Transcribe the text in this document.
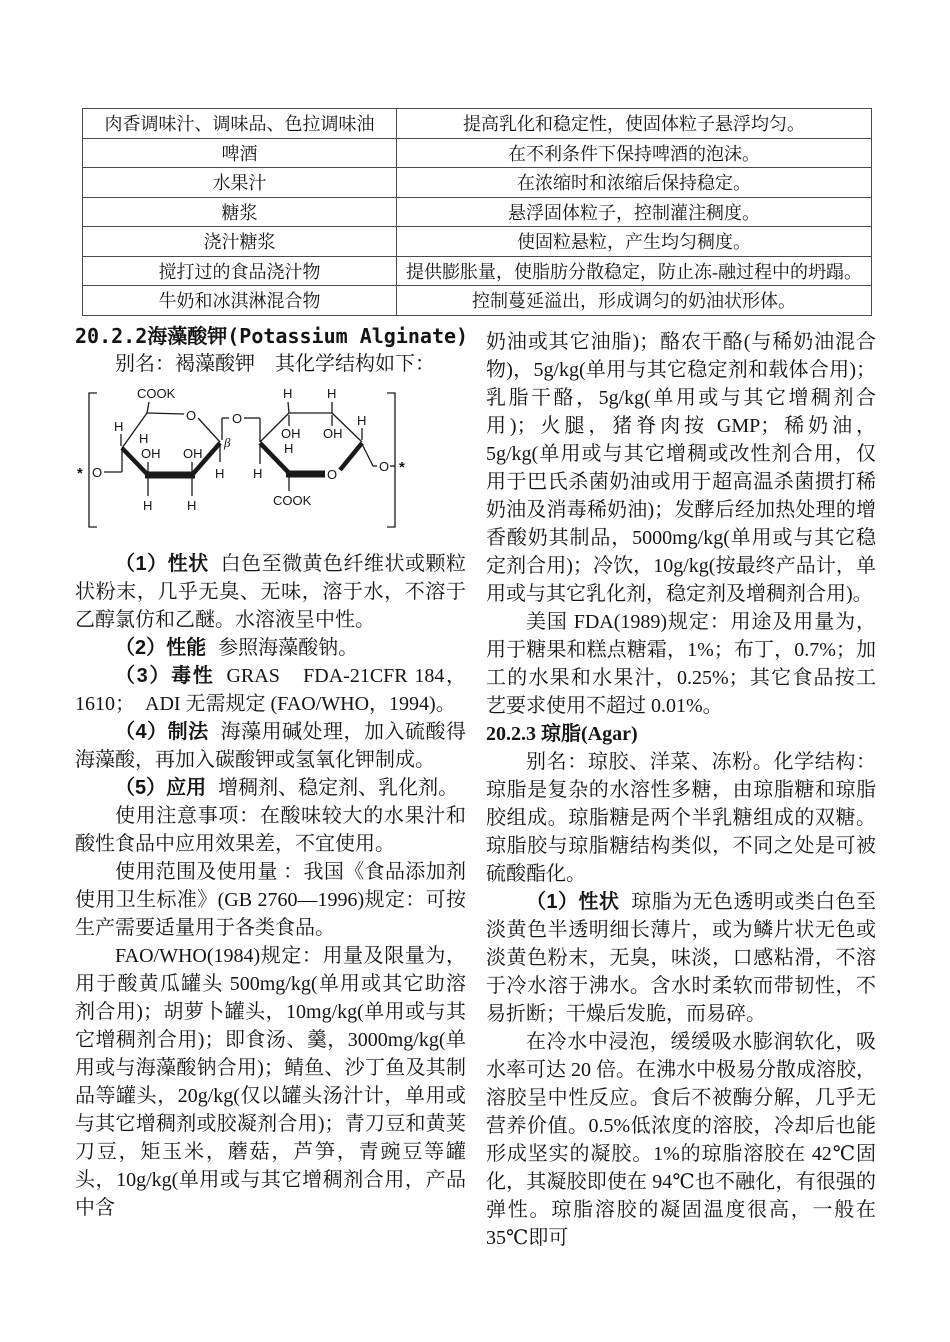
肉香调味汁、调味品、色拉调味油	提高乳化和稳定性，使固体粒子悬浮均匀。
啤酒	在不利条件下保持啤酒的泡沫。
水果汁	在浓缩时和浓缩后保持稳定。
糖浆	悬浮固体粒子，控制灌注稠度。
浇汁糖浆	使固粒悬粒，产生均匀稠度。
搅打过的食品浇汁物	提供膨胀量，使脂肪分散稳定，防止冻-融过程中的坍蹋。
牛奶和冰淇淋混合物	控制蔓延溢出，形成调匀的奶油状形体。
20.2.2海藻酸钾(Potassium Alginate)

别名：褐藻酸钾　其化学结构如下：

* O
O
COOK
H
H
OH OH
β
H
H	H
O
O
H	H
H
OH
H
OH
H
COOK
O *

（1）性状 白色至微黄色纤维状或颗粒状粉末，几乎无臭、无味，溶于水，不溶于乙醇氯仿和乙醚。水溶液呈中性。

（2）性能 参照海藻酸钠。

（3）毒性 GRAS　FDA-21CFR 184，1610；　ADI 无需规定 (FAO/WHO，1994)。

（4）制法 海藻用碱处理，加入硫酸得海藻酸，再加入碳酸钾或氢氧化钾制成。

（5）应用 增稠剂、稳定剂、乳化剂。

使用注意事项：在酸味较大的水果汁和酸性食品中应用效果差，不宜使用。

使用范围及使用量 ：我国《食品添加剂使用卫生标准》(GB 2760—1996)规定：可按生产需要适量用于各类食品。

FAO/WHO(1984)规定：用量及限量为，用于酸黄瓜罐头 500mg/kg(单用或其它助溶剂合用)；胡萝卜罐头，10mg/kg(单用或与其它增稠剂合用)；即食汤、羹，3000mg/kg(单用或与海藻酸钠合用)；鲭鱼、沙丁鱼及其制品等罐头，20g/kg(仅以罐头汤汁计，单用或与其它增稠剂或胶凝剂合用)；青刀豆和黄荚刀豆，矩玉米，蘑菇，芦笋，青豌豆等罐头，10g/kg(单用或与其它增稠剂合用，产品中含

奶油或其它油脂)；酪农干酪(与稀奶油混合物)，5g/kg(单用与其它稳定剂和载体合用)；乳脂干酪，5g/kg(单用或与其它增稠剂合用)；火腿，猪脊肉按 GMP；稀奶油，5g/kg(单用或与其它增稠或改性剂合用，仅用于巴氏杀菌奶油或用于超高温杀菌掼打稀奶油及消毒稀奶油)；发酵后经加热处理的增香酸奶其制品，5000mg/kg(单用或与其它稳定剂合用)；冷饮，10g/kg(按最终产品计，单用或与其它乳化剂，稳定剂及增稠剂合用)。

美国 FDA(1989)规定：用途及用量为，用于糖果和糕点糖霜，1%；布丁，0.7%；加工的水果和水果汁，0.25%；其它食品按工艺要求使用不超过 0.01%。

20.2.3 琼脂(Agar)

别名：琼胶、洋菜、冻粉。化学结构：琼脂是复杂的水溶性多糖，由琼脂糖和琼脂胶组成。琼脂糖是两个半乳糖组成的双糖。琼脂胶与琼脂糖结构类似，不同之处是可被硫酸酯化。

（1）性状 琼脂为无色透明或类白色至淡黄色半透明细长薄片，或为鳞片状无色或淡黄色粉末，无臭，味淡，口感粘滑，不溶于冷水溶于沸水。含水时柔软而带韧性，不易折断；干燥后发脆，而易碎。

在冷水中浸泡，缓缓吸水膨润软化，吸水率可达 20 倍。在沸水中极易分散成溶胶，溶胶呈中性反应。食后不被酶分解，几乎无营养价值。0.5%低浓度的溶胶，冷却后也能形成坚实的凝胶。1%的琼脂溶胶在 42℃固化，其凝胶即使在 94℃也不融化，有很强的弹性。琼脂溶胶的凝固温度很高，一般在 35℃即可
